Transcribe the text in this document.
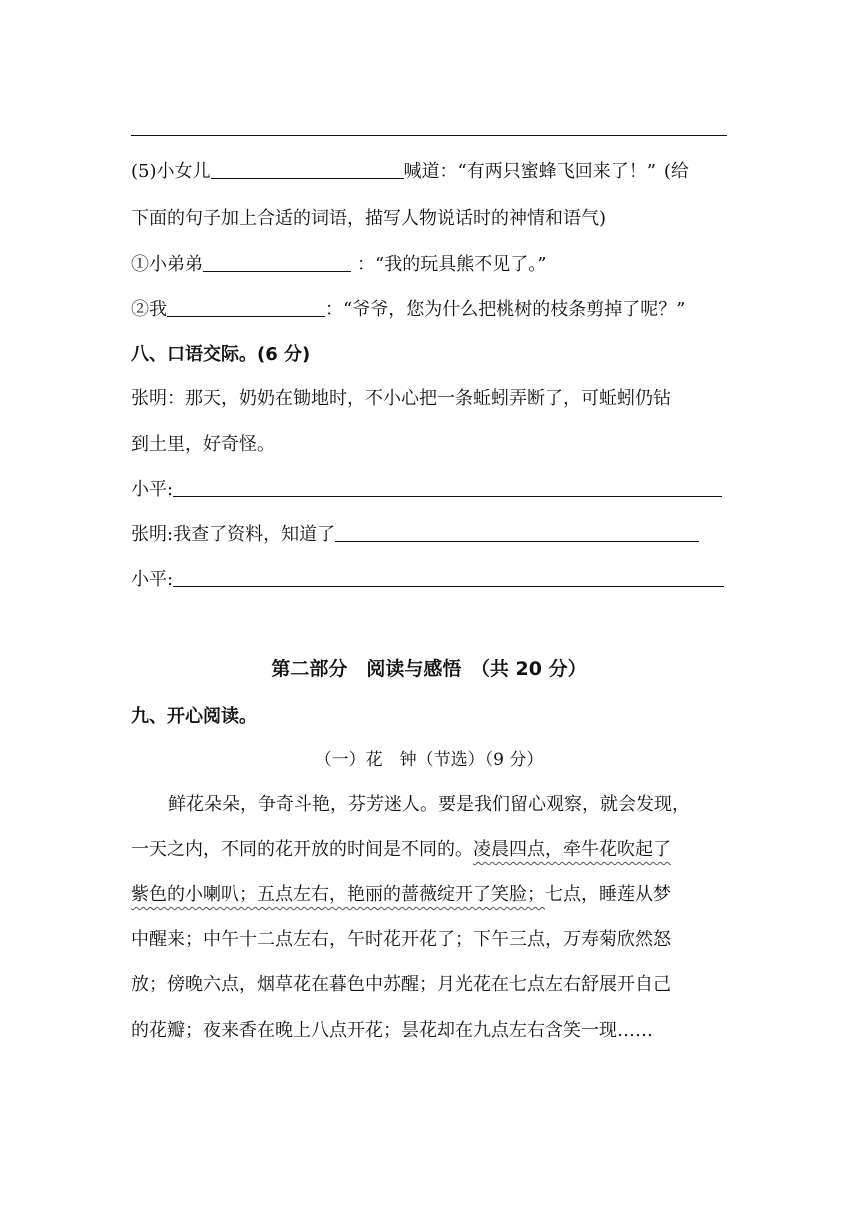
(5)小女儿	喊道：“有两只蜜蜂飞回来了！” (给
下面的句子加上合适的词语，描写人物说话时的神情和语气)
①小弟弟	：“我的玩具熊不见了。”
②我	：“爷爷，您为什么把桃树的枝条剪掉了呢？”
八、口语交际。(6 分)
张明：那天，奶奶在锄地时，不小心把一条蚯蚓弄断了，可蚯蚓仍钻
到土里，好奇怪。
小平:
张明:我查了资料，知道了
小平:
第二部分　阅读与感悟　（共 20 分）
九、开心阅读。
（一）花　钟（节选）（9 分）
鲜花朵朵，争奇斗艳，芬芳迷人。要是我们留心观察，就会发现，
一天之内，不同的花开放的时间是不同的。凌晨四点，牵牛花吹起了
紫色的小喇叭；五点左右，艳丽的蔷薇绽开了笑脸；七点，睡莲从梦
中醒来；中午十二点左右，午时花开花了；下午三点，万寿菊欣然怒
放；傍晚六点，烟草花在暮色中苏醒；月光花在七点左右舒展开自己
的花瓣；夜来香在晚上八点开花；昙花却在九点左右含笑一现……
